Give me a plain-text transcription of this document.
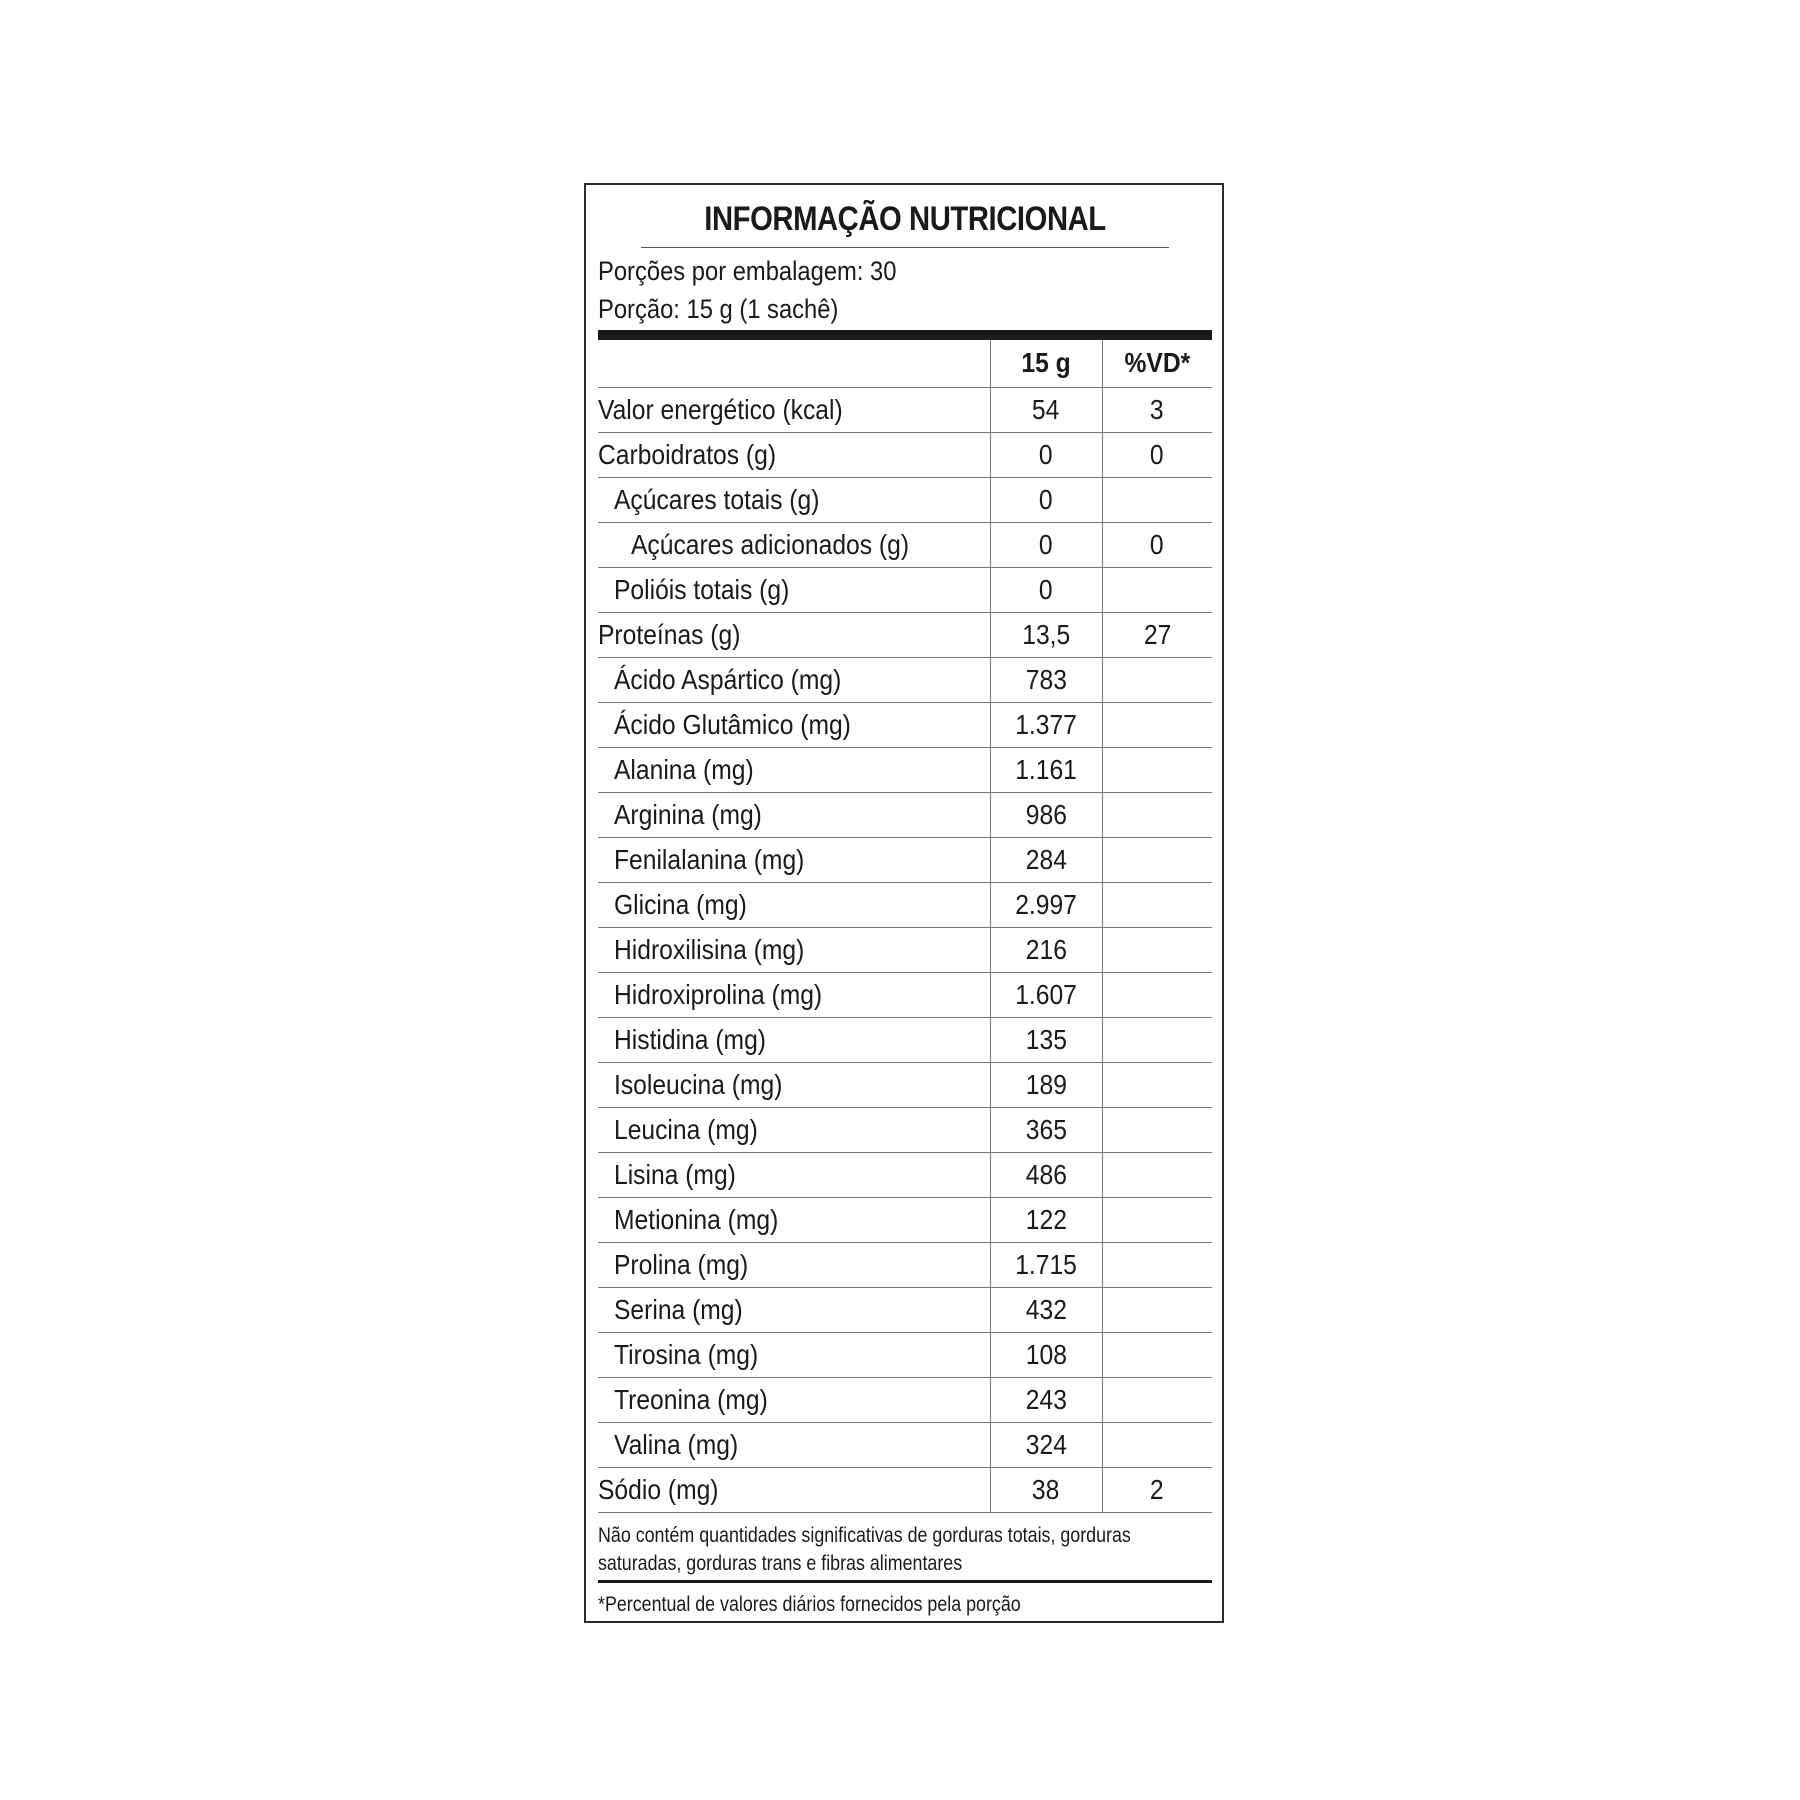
INFORMAÇÃO NUTRICIONAL
Porções por embalagem: 30
Porção: 15 g (1 sachê)
	15 g	%VD*
Valor energético (kcal)	54	3
Carboidratos (g)	0	0
Açúcares totais (g)	0	
Açúcares adicionados (g)	0	0
Polióis totais (g)	0	
Proteínas (g)	13,5	27
Ácido Aspártico (mg)	783	
Ácido Glutâmico (mg)	1.377	
Alanina (mg)	1.161	
Arginina (mg)	986	
Fenilalanina (mg)	284	
Glicina (mg)	2.997	
Hidroxilisina (mg)	216	
Hidroxiprolina (mg)	1.607	
Histidina (mg)	135	
Isoleucina (mg)	189	
Leucina (mg)	365	
Lisina (mg)	486	
Metionina (mg)	122	
Prolina (mg)	1.715	
Serina (mg)	432	
Tirosina (mg)	108	
Treonina (mg)	243	
Valina (mg)	324	
Sódio (mg)	38	2
Não contém quantidades significativas de gorduras totais, gorduras
saturadas, gorduras trans e fibras alimentares
*Percentual de valores diários fornecidos pela porção
